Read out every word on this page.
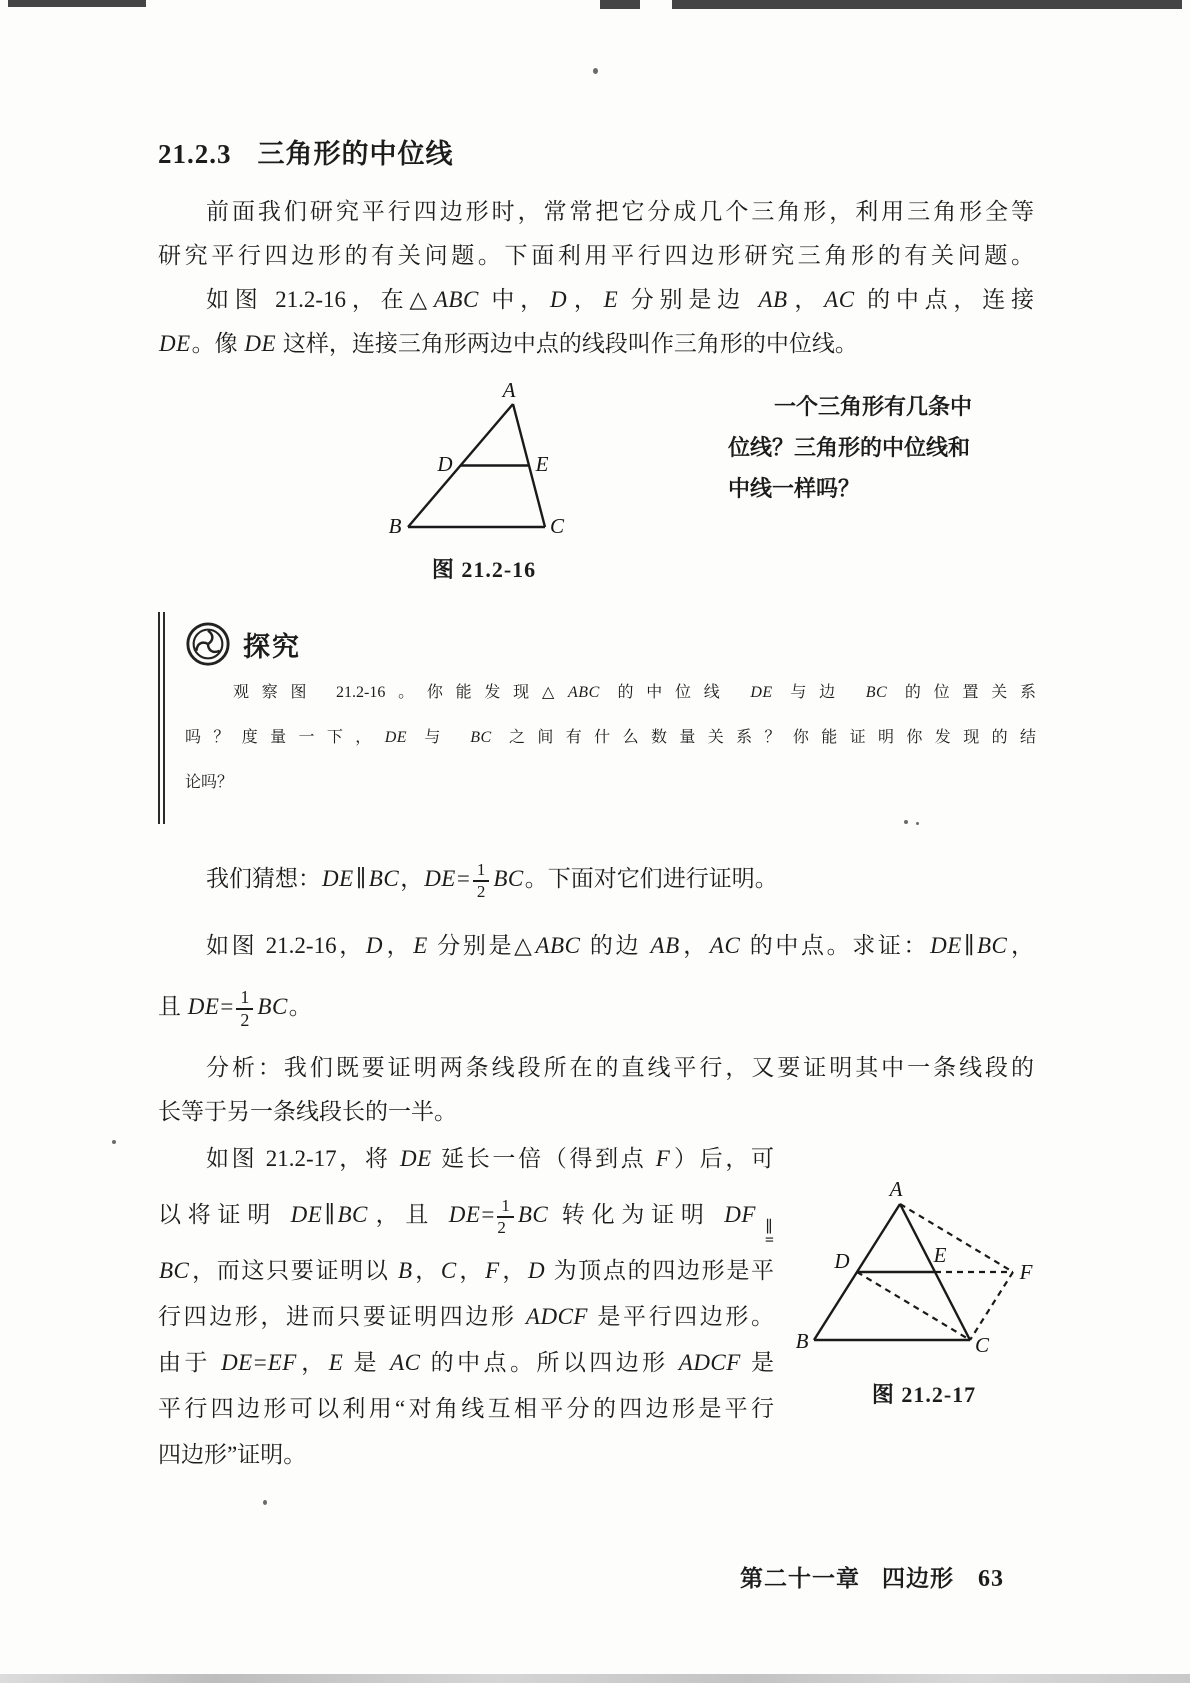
21.2.3 三角形的中位线
前面我们研究平行四边形时，常常把它分成几个三角形，利用三角形全等
研究平行四边形的有关问题。下面利用平行四边形研究三角形的有关问题。
如图 21.2-16，在△ABC 中，D，E 分别是边 AB，AC 的中点，连接
DE。像 DE 这样，连接三角形两边中点的线段叫作三角形的中位线。
A
B	C
D	E
图 21.2-16
一个三角形有几条中
位线？三角形的中位线和
中线一样吗？
探究
观察图 21.2-16。你能发现△ABC 的中位线 DE 与边 BC 的位置关系
吗？度量一下，DE 与 BC 之间有什么数量关系？你能证明你发现的结
论吗？
我们猜想：DE∥BC，$DE= \frac{1}{2}$ BC。下面对它们进行证明。
如图 21.2-16，D，E 分别是△ABC 的边 AB，AC 的中点。求证：DE∥BC，
且 $DE= \frac{1}{2}$ BC。
分析：我们既要证明两条线段所在的直线平行，又要证明其中一条线段的
长等于另一条线段长的一半。
A
B	C
D	E
F
图 21.2-17
如图 21.2-17，将 DE 延长一倍（得到点 F）后，可
以将证明 DE∥BC，且 $DE= \frac{1}{2}$ BC 转化为证明 DF
∥
=
BC，而这只要证明以 B，C，F，D 为顶点的四边形是平
行四边形，进而只要证明四边形 ADCF 是平行四边形。
由于 DE=EF，E 是 AC 的中点。所以四边形 ADCF 是
平行四边形可以利用“对角线互相平分的四边形是平行
四边形”证明。
第二十一章 四边形 63
